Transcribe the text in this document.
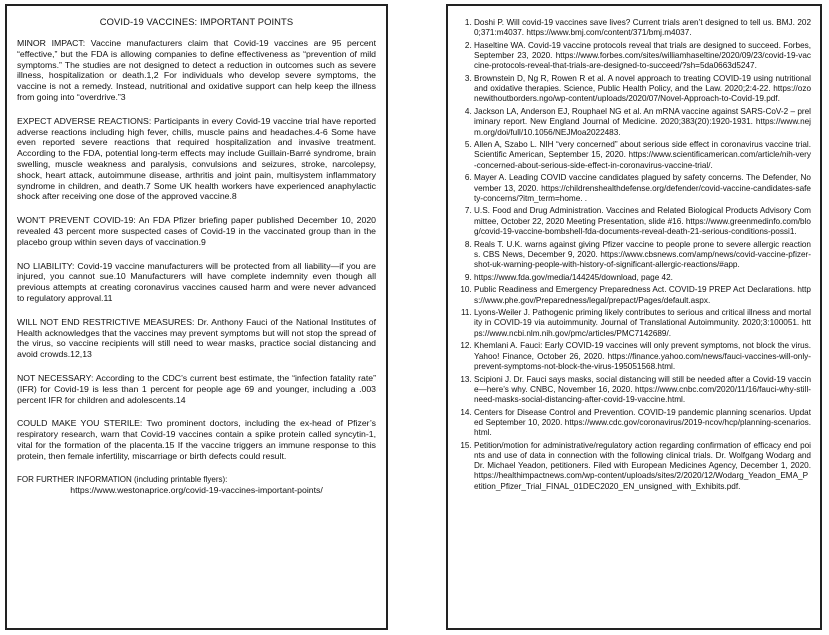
COVID-19 VACCINES: IMPORTANT POINTS

MINOR IMPACT: Vaccine manufacturers claim that Covid-19 vaccines are 95 percent “effective,” but the FDA is allowing companies to define effectiveness as “prevention of mild symptoms.” The studies are not designed to detect a reduction in outcomes such as severe illness, hospitalization or death.1,2 For individuals who develop severe symptoms, the vaccine is not a remedy. Instead, nutritional and oxidative support can help keep the illness from going into “overdrive.”3

EXPECT ADVERSE REACTIONS: Participants in every Covid-19 vaccine trial have reported adverse reactions including high fever, chills, muscle pains and headaches.4-6 Some have even reported severe reactions that required hospitalization and invasive treatment. According to the FDA, potential long-term effects may include Guillain-Barré syndrome, brain swelling, muscle weakness and paralysis, convulsions and seizures, stroke, narcolepsy, shock, heart attack, autoimmune disease, arthritis and joint pain, multisystem inflammatory syndrome in children, and death.7 Some UK health workers have experienced anaphylactic shock after receiving one dose of the approved vaccine.8

WON’T PREVENT COVID-19: An FDA Pfizer briefing paper published December 10, 2020 revealed 43 percent more suspected cases of Covid-19 in the vaccinated group than in the placebo group within seven days of vaccination.9

NO LIABILITY: Covid-19 vaccine manufacturers will be protected from all liability—if you are injured, you cannot sue.10 Manufacturers will have complete indemnity even though all previous attempts at creating coronavirus vaccines caused harm and were never advanced to regulatory approval.11

WILL NOT END RESTRICTIVE MEASURES: Dr. Anthony Fauci of the National Institutes of Health acknowledges that the vaccines may prevent symptoms but will not stop the spread of the virus, so vaccine recipients will still need to wear masks, practice social distancing and avoid crowds.12,13

NOT NECESSARY: According to the CDC’s current best estimate, the “infection fatality rate” (IFR) for Covid-19 is less than 1 percent for people age 69 and younger, including a .003 percent IFR for children and adolescents.14

COULD MAKE YOU STERILE: Two prominent doctors, including the ex-head of Pfizer’s respiratory research, warn that Covid-19 vaccines contain a spike protein called syncytin-1, vital for the formation of the placenta.15 If the vaccine triggers an immune response to this protein, then female infertility, miscarriage or birth defects could result.

FOR FURTHER INFORMATION (including printable flyers):

https://www.westonaprice.org/covid-19-vaccines-important-points/

1. Doshi P. Will covid-19 vaccines save lives? Current trials aren’t designed to tell us. BMJ. 2020;371:m4037. https://www.bmj.com/content/371/bmj.m4037.
2. Haseltine WA. Covid-19 vaccine protocols reveal that trials are designed to succeed. Forbes, September 23, 2020. https://www.forbes.com/sites/williamhaseltine/2020/09/23/covid-19-vaccine-protocols-reveal-that-trials-are-designed-to-succeed/?sh=5da0663d5247.
3. Brownstein D, Ng R, Rowen R et al. A novel approach to treating COVID-19 using nutritional and oxidative therapies. Science, Public Health Policy, and the Law. 2020;2:4-22. https://ozonewithoutborders.ngo/wp-content/uploads/2020/07/Novel-Approach-to-Covid-19.pdf.
4. Jackson LA, Anderson EJ, Rouphael NG et al. An mRNA vaccine against SARS-CoV-2 – preliminary report. New England Journal of Medicine. 2020;383(20):1920-1931. https://www.nejm.org/doi/full/10.1056/NEJMoa2022483.
5. Allen A, Szabo L. NIH “very concerned” about serious side effect in coronavirus vaccine trial. Scientific American, September 15, 2020. https://www.scientificamerican.com/article/nih-very-concerned-about-serious-side-effect-in-coronavirus-vaccine-trial/.
6. Mayer A. Leading COVID vaccine candidates plagued by safety concerns. The Defender, November 13, 2020. https://childrenshealthdefense.org/defender/covid-vaccine-candidates-safety-concerns/?itm_term=home. .
7. U.S. Food and Drug Administration. Vaccines and Related Biological Products Advisory Committee, October 22, 2020 Meeting Presentation, slide #16. https://www.greenmedinfo.com/blog/covid-19-vaccine-bombshell-fda-documents-reveal-death-21-serious-conditions-possi1.
8. Reals T. U.K. warns against giving Pfizer vaccine to people prone to severe allergic reactions. CBS News, December 9, 2020. https://www.cbsnews.com/amp/news/covid-vaccine-pfizer-shot-uk-warning-people-with-history-of-significant-allergic-reactions/#app.
9. https://www.fda.gov/media/144245/download, page 42.
10. Public Readiness and Emergency Preparedness Act. COVID-19 PREP Act Declarations. https://www.phe.gov/Preparedness/legal/prepact/Pages/default.aspx.
11. Lyons-Weiler J. Pathogenic priming likely contributes to serious and critical illness and mortality in COVID-19 via autoimmunity. Journal of Translational Autoimmunity. 2020;3:100051. https://www.ncbi.nlm.nih.gov/pmc/articles/PMC7142689/.
12. Khemlani A. Fauci: Early COVID-19 vaccines will only prevent symptoms, not block the virus. Yahoo! Finance, October 26, 2020. https://finance.yahoo.com/news/fauci-vaccines-will-only-prevent-symptoms-not-block-the-virus-195051568.html.
13. Scipioni J. Dr. Fauci says masks, social distancing will still be needed after a Covid-19 vaccine—here’s why. CNBC, November 16, 2020. https://www.cnbc.com/2020/11/16/fauci-why-still-need-masks-social-distancing-after-covid-19-vaccine.html.
14. Centers for Disease Control and Prevention. COVID-19 pandemic planning scenarios. Updated September 10, 2020. https://www.cdc.gov/coronavirus/2019-ncov/hcp/planning-scenarios.html.
15. Petition/motion for administrative/regulatory action regarding confirmation of efficacy end points and use of data in connection with the following clinical trials. Dr. Wolfgang Wodarg and Dr. Michael Yeadon, petitioners. Filed with European Medicines Agency, December 1, 2020. https://healthimpactnews.com/wp-content/uploads/sites/2/2020/12/Wodarg_Yeadon_EMA_Petition_Pfizer_Trial_FINAL_01DEC2020_EN_unsigned_with_Exhibits.pdf.
